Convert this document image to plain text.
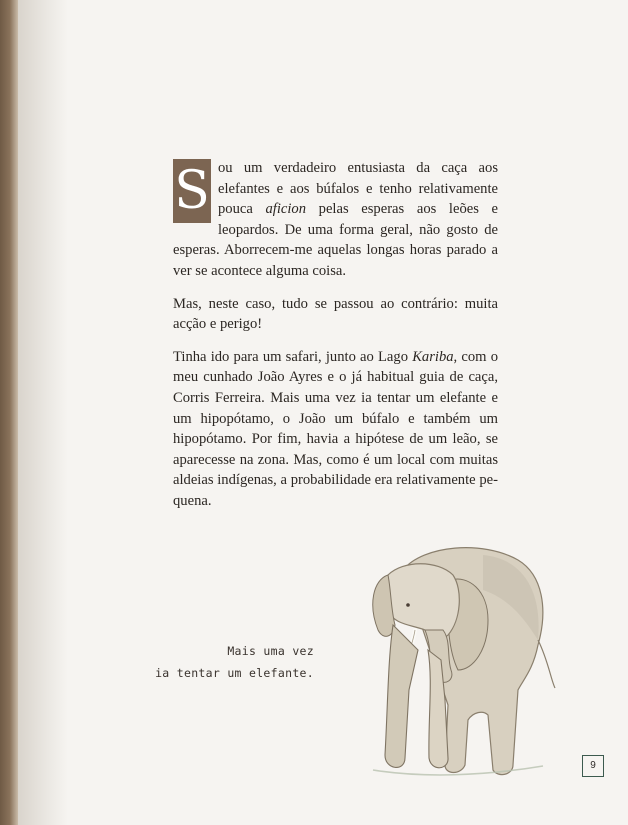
S ou um verdadeiro entusiasta da caça aos elefantes e aos búfalos e tenho relativamente pouca aficion pelas esperas aos leões e leopardos. De uma forma geral, não gosto de esperas. Aborrecem-me aquelas longas horas parado a ver se acontece alguma coisa.

Mas, neste caso, tudo se passou ao contrário: muita acção e perigo!

Tinha ido para um safari, junto ao Lago Kariba, com o meu cunhado João Ayres e o já habitual guia de caça, Corris Ferreira. Mais uma vez ia tentar um elefante e um hipopótamo, o João um búfalo e também um hipopótamo. Por fim, havia a hipótese de um leão, se aparecesse na zona. Mas, como é um local com muitas aldeias indígenas, a probabilidade era relativamente pequena.

Mais uma vez
ia tentar um elefante.
9
